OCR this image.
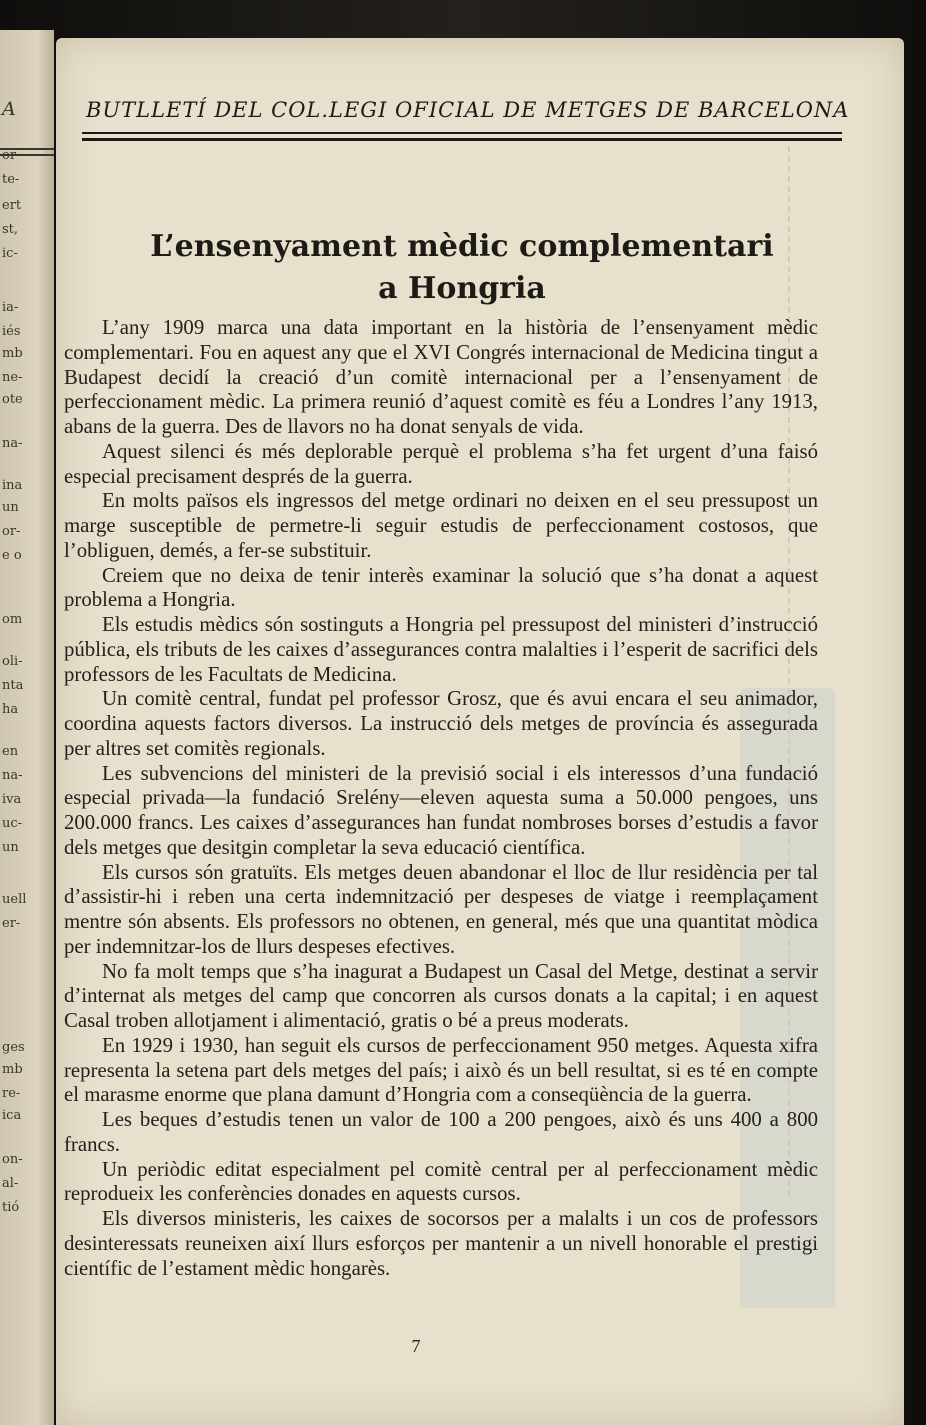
A
or-
te-
ert
st,
ic-
ia-
iés
mb
ne-
ote
na-
ina
un
or-
e o
om
oli-
nta
ha
en
na-
iva
uc-
un
uell
er-
ges
mb
re-
ica
on-
al-
tió
BUTLLETÍ DEL COL.LEGI OFICIAL DE METGES DE BARCELONA
L’ensenyament mèdic complementari
a Hongria

L’any 1909 marca una data important en la història de l’ensenyament mèdic complementari. Fou en aquest any que el XVI Congrés internacional de Medicina tingut a Budapest decidí la creació d’un comitè internacional per a l’ensenyament de perfeccionament mèdic. La primera reunió d’aquest comitè es féu a Londres l’any 1913, abans de la guerra. Des de llavors no ha donat senyals de vida.

Aquest silenci és més deplorable perquè el problema s’ha fet urgent d’una faisó especial precisament després de la guerra.

En molts països els ingressos del metge ordinari no deixen en el seu pressupost un marge susceptible de permetre-li seguir estudis de perfeccionament costosos, que l’obliguen, demés, a fer-se substituir.

Creiem que no deixa de tenir interès examinar la solució que s’ha donat a aquest problema a Hongria.

Els estudis mèdics són sostinguts a Hongria pel pressupost del ministeri d’instrucció pública, els tributs de les caixes d’assegurances contra malalties i l’esperit de sacrifici dels professors de les Facultats de Medicina.

Un comitè central, fundat pel professor Grosz, que és avui encara el seu animador, coordina aquests factors diversos. La instrucció dels metges de província és assegurada per altres set comitès regionals.

Les subvencions del ministeri de la previsió social i els interessos d’una fundació especial privada—la fundació Srelény—eleven aquesta suma a 50.000 pengoes, uns 200.000 francs. Les caixes d’assegurances han fundat nombroses borses d’estudis a favor dels metges que desitgin completar la seva educació científica.

Els cursos són gratuïts. Els metges deuen abandonar el lloc de llur residència per tal d’assistir-hi i reben una certa indemnització per despeses de viatge i reemplaçament mentre són absents. Els professors no obtenen, en general, més que una quantitat mòdica per indemnitzar-los de llurs despeses efectives.

No fa molt temps que s’ha inagurat a Budapest un Casal del Metge, destinat a servir d’internat als metges del camp que concorren als cursos donats a la capital; i en aquest Casal troben allotjament i alimentació, gratis o bé a preus moderats.

En 1929 i 1930, han seguit els cursos de perfeccionament 950 metges. Aquesta xifra representa la setena part dels metges del país; i això és un bell resultat, si es té en compte el marasme enorme que plana damunt d’Hongria com a conseqüència de la guerra.

Les beques d’estudis tenen un valor de 100 a 200 pengoes, això és uns 400 a 800 francs.

Un periòdic editat especialment pel comitè central per al perfeccionament mèdic reprodueix les conferències donades en aquests cursos.

Els diversos ministeris, les caixes de socorsos per a malalts i un cos de professors desinteressats reuneixen així llurs esforços per mantenir a un nivell honorable el prestigi científic de l’estament mèdic hongarès.

7
